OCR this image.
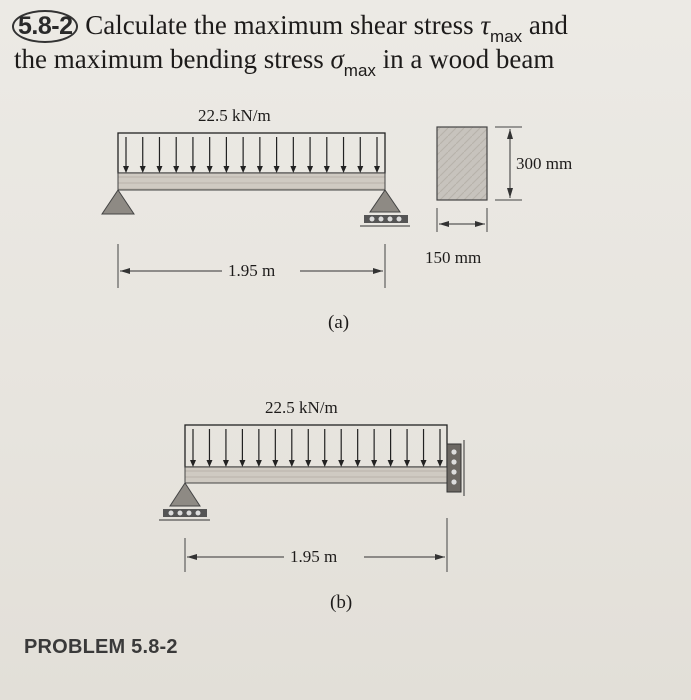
5.8-2 Calculate the maximum shear stress $\tau_{max}$ and
the maximum bending stress $\sigma_{max}$ in a wood beam
22.5 kN/m
1.95 m
(a)
300 mm
150 mm
22.5 kN/m
1.95 m
(b)
PROBLEM 5.8-2
